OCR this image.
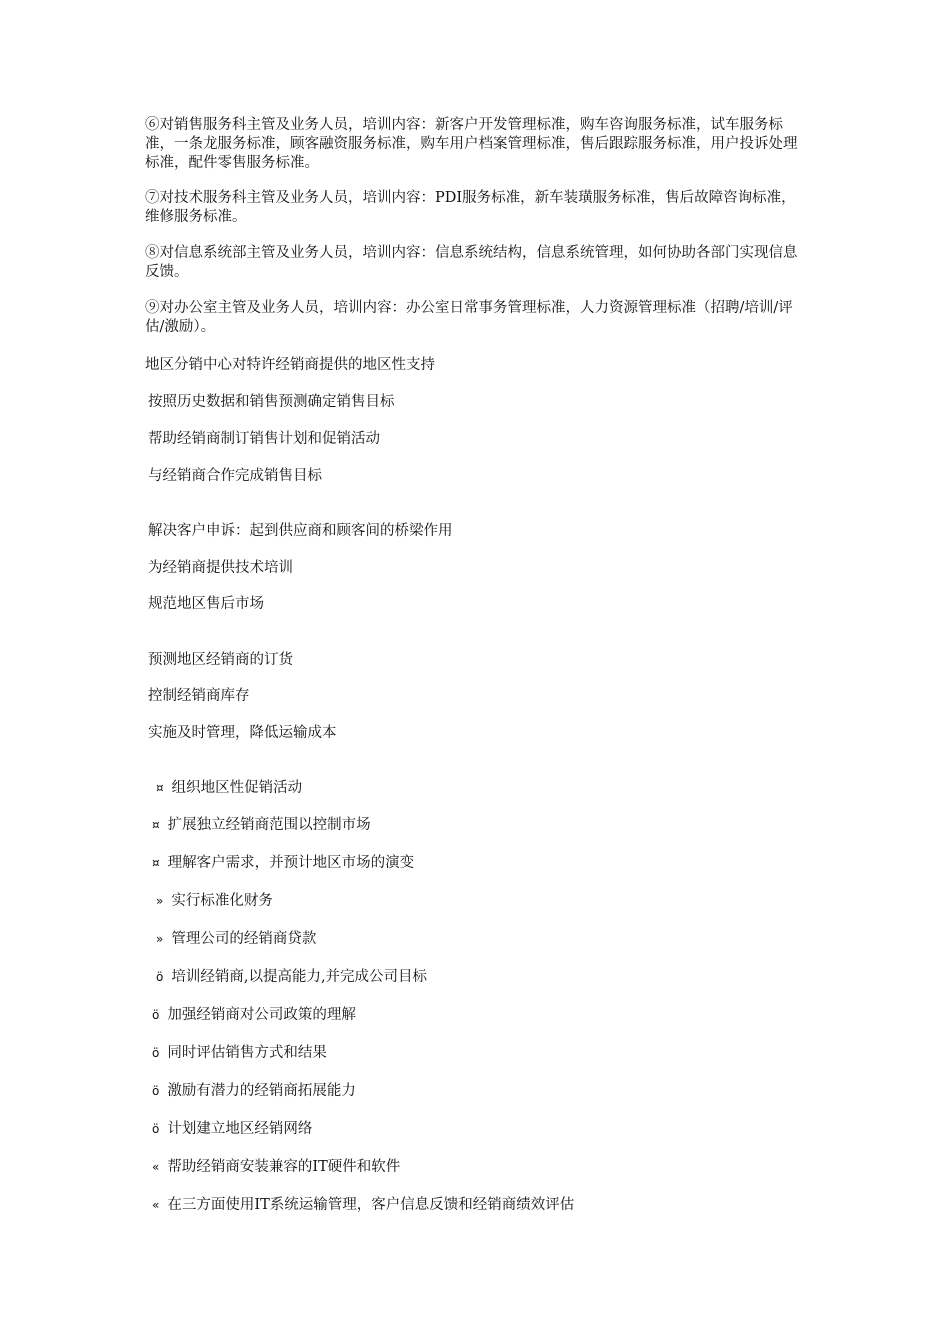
⑥对销售服务科主管及业务人员，培训内容：新客户开发管理标准，购车咨询服务标准，试车服务标准，一条龙服务标准，顾客融资服务标准，购车用户档案管理标准，售后跟踪服务标准，用户投诉处理标准，配件零售服务标准。

⑦对技术服务科主管及业务人员，培训内容：PDI服务标准，新车装璜服务标准，售后故障咨询标准，维修服务标准。

⑧对信息系统部主管及业务人员，培训内容：信息系统结构，信息系统管理，如何协助各部门实现信息反馈。

⑨对办公室主管及业务人员，培训内容：办公室日常事务管理标准，人力资源管理标准（招聘/培训/评估/激励）。

地区分销中心对特许经销商提供的地区性支持

按照历史数据和销售预测确定销售目标

帮助经销商制订销售计划和促销活动

与经销商合作完成销售目标

解决客户申诉：起到供应商和顾客间的桥梁作用

为经销商提供技术培训

规范地区售后市场

预测地区经销商的订货

控制经销商库存

实施及时管理，降低运输成本

¤ 组织地区性促销活动

¤ 扩展独立经销商范围以控制市场

¤ 理解客户需求，并预计地区市场的演变

» 实行标准化财务

» 管理公司的经销商贷款

ö 培训经销商,以提高能力,并完成公司目标

ö 加强经销商对公司政策的理解

ö 同时评估销售方式和结果

ö 激励有潜力的经销商拓展能力

ö 计划建立地区经销网络

« 帮助经销商安装兼容的IT硬件和软件

« 在三方面使用IT系统运输管理，客户信息反馈和经销商绩效评估
